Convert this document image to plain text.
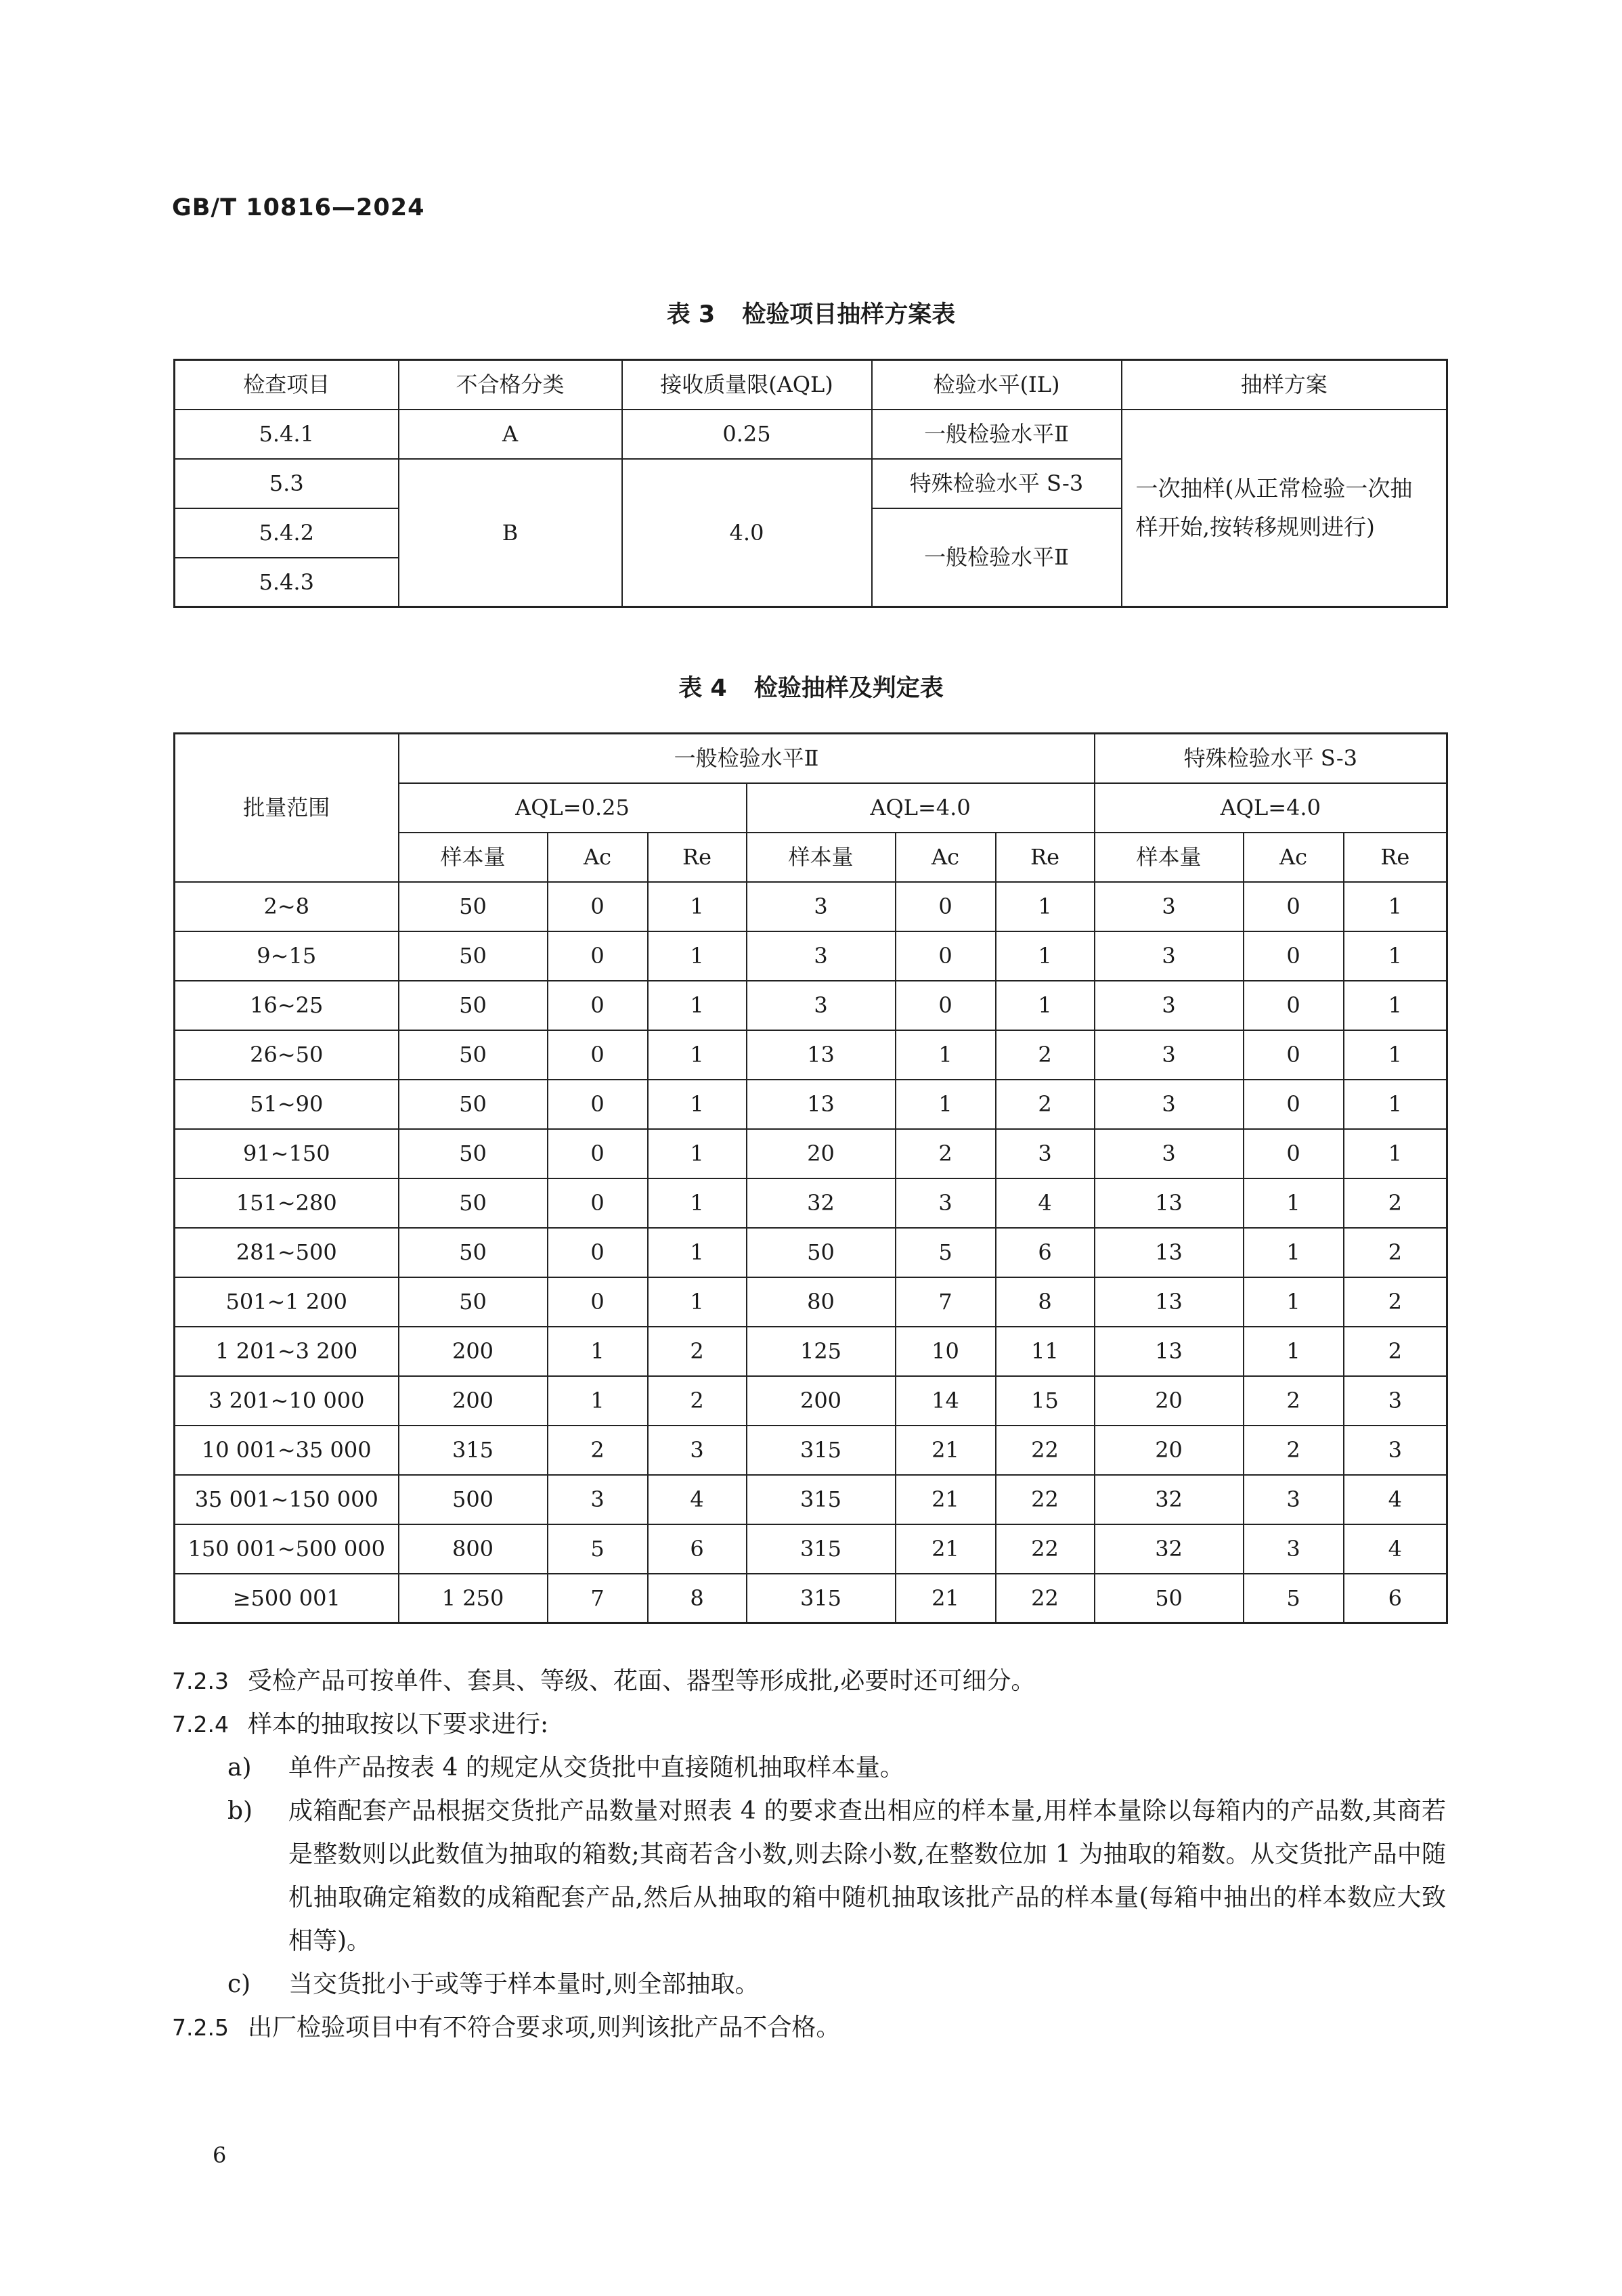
GB/T 10816—2024
表 3 检验项目抽样方案表
检查项目	不合格分类	接收质量限(AQL)	检验水平(IL)	抽样方案
5.4.1	A	0.25	一般检验水平Ⅱ	一次抽样(从正常检验一次抽样开始,按转移规则进行)
5.3	B	4.0	特殊检验水平 S-3	
5.4.2			一般检验水平Ⅱ	
5.4.3				
表 4 检验抽样及判定表
批量范围	一般检验水平Ⅱ						特殊检验水平 S-3		
	AQL=0.25			AQL=4.0			AQL=4.0		
	样本量	Ac	Re	样本量	Ac	Re	样本量	Ac	Re
2~8	50	0	1	3	0	1	3	0	1
9~15	50	0	1	3	0	1	3	0	1
16~25	50	0	1	3	0	1	3	0	1
26~50	50	0	1	13	1	2	3	0	1
51~90	50	0	1	13	1	2	3	0	1
91~150	50	0	1	20	2	3	3	0	1
151~280	50	0	1	32	3	4	13	1	2
281~500	50	0	1	50	5	6	13	1	2
501~1 200	50	0	1	80	7	8	13	1	2
1 201~3 200	200	1	2	125	10	11	13	1	2
3 201~10 000	200	1	2	200	14	15	20	2	3
10 001~35 000	315	2	3	315	21	22	20	2	3
35 001~150 000	500	3	4	315	21	22	32	3	4
150 001~500 000	800	5	6	315	21	22	32	3	4
≥500 001	1 250	7	8	315	21	22	50	5	6
7.2.3 受检产品可按单件、套具、等级、花面、器型等形成批,必要时还可细分。
7.2.4 样本的抽取按以下要求进行:
a) 单件产品按表 4 的规定从交货批中直接随机抽取样本量。
b) 成箱配套产品根据交货批产品数量对照表 4 的要求查出相应的样本量,用样本量除以每箱内的产品数,其商若是整数则以此数值为抽取的箱数;其商若含小数,则去除小数,在整数位加 1 为抽取的箱数。从交货批产品中随机抽取确定箱数的成箱配套产品,然后从抽取的箱中随机抽取该批产品的样本量(每箱中抽出的样本数应大致相等)。
c) 当交货批小于或等于样本量时,则全部抽取。
7.2.5 出厂检验项目中有不符合要求项,则判该批产品不合格。
6
